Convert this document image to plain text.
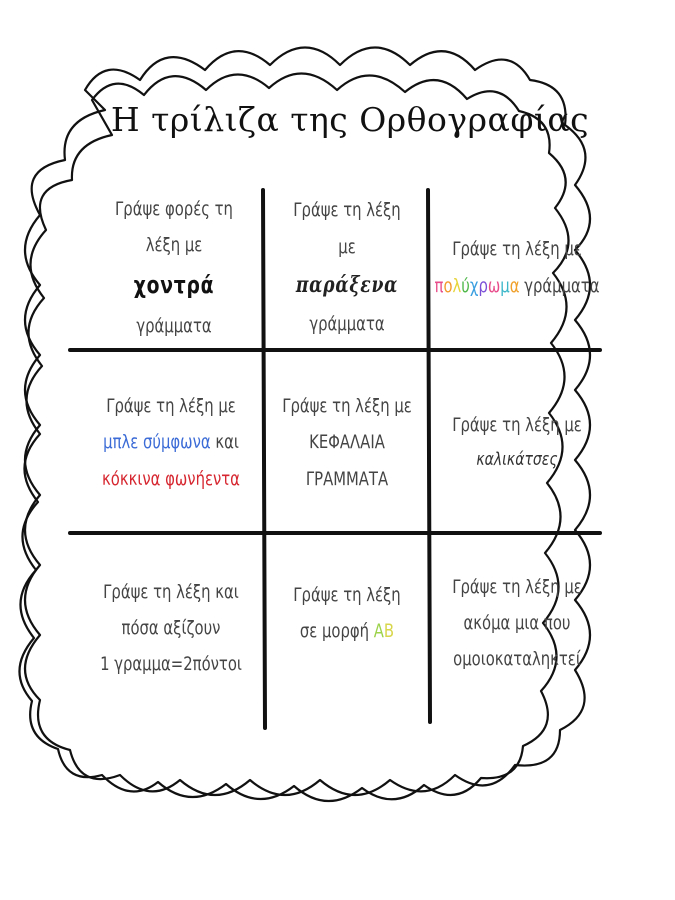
Η τρίλιζα της Ορθογραφίας
Γράψε φορές τη
λέξη με
χοντρά
γράμματα
Γράψε τη λέξη
με
παράξενα
γράμματα
Γράψε τη λέξη με
πολύχρωμα γράμματα
Γράψε τη λέξη με
μπλε σύμφωνα και
κόκκινα φωνήεντα
Γράψε τη λέξη με
ΚΕΦΑΛΑΙΑ
ΓΡΑΜΜΑΤΑ
Γράψε τη λέξη με
καλικάτσες
Γράψε τη λέξη και
πόσα αξίζουν
1 γραμμα=2πόντοι
Γράψε τη λέξη
σε μορφή ΑΒ
Γράψε τη λέξη με
ακόμα μια που
ομοιοκαταληκτεί
